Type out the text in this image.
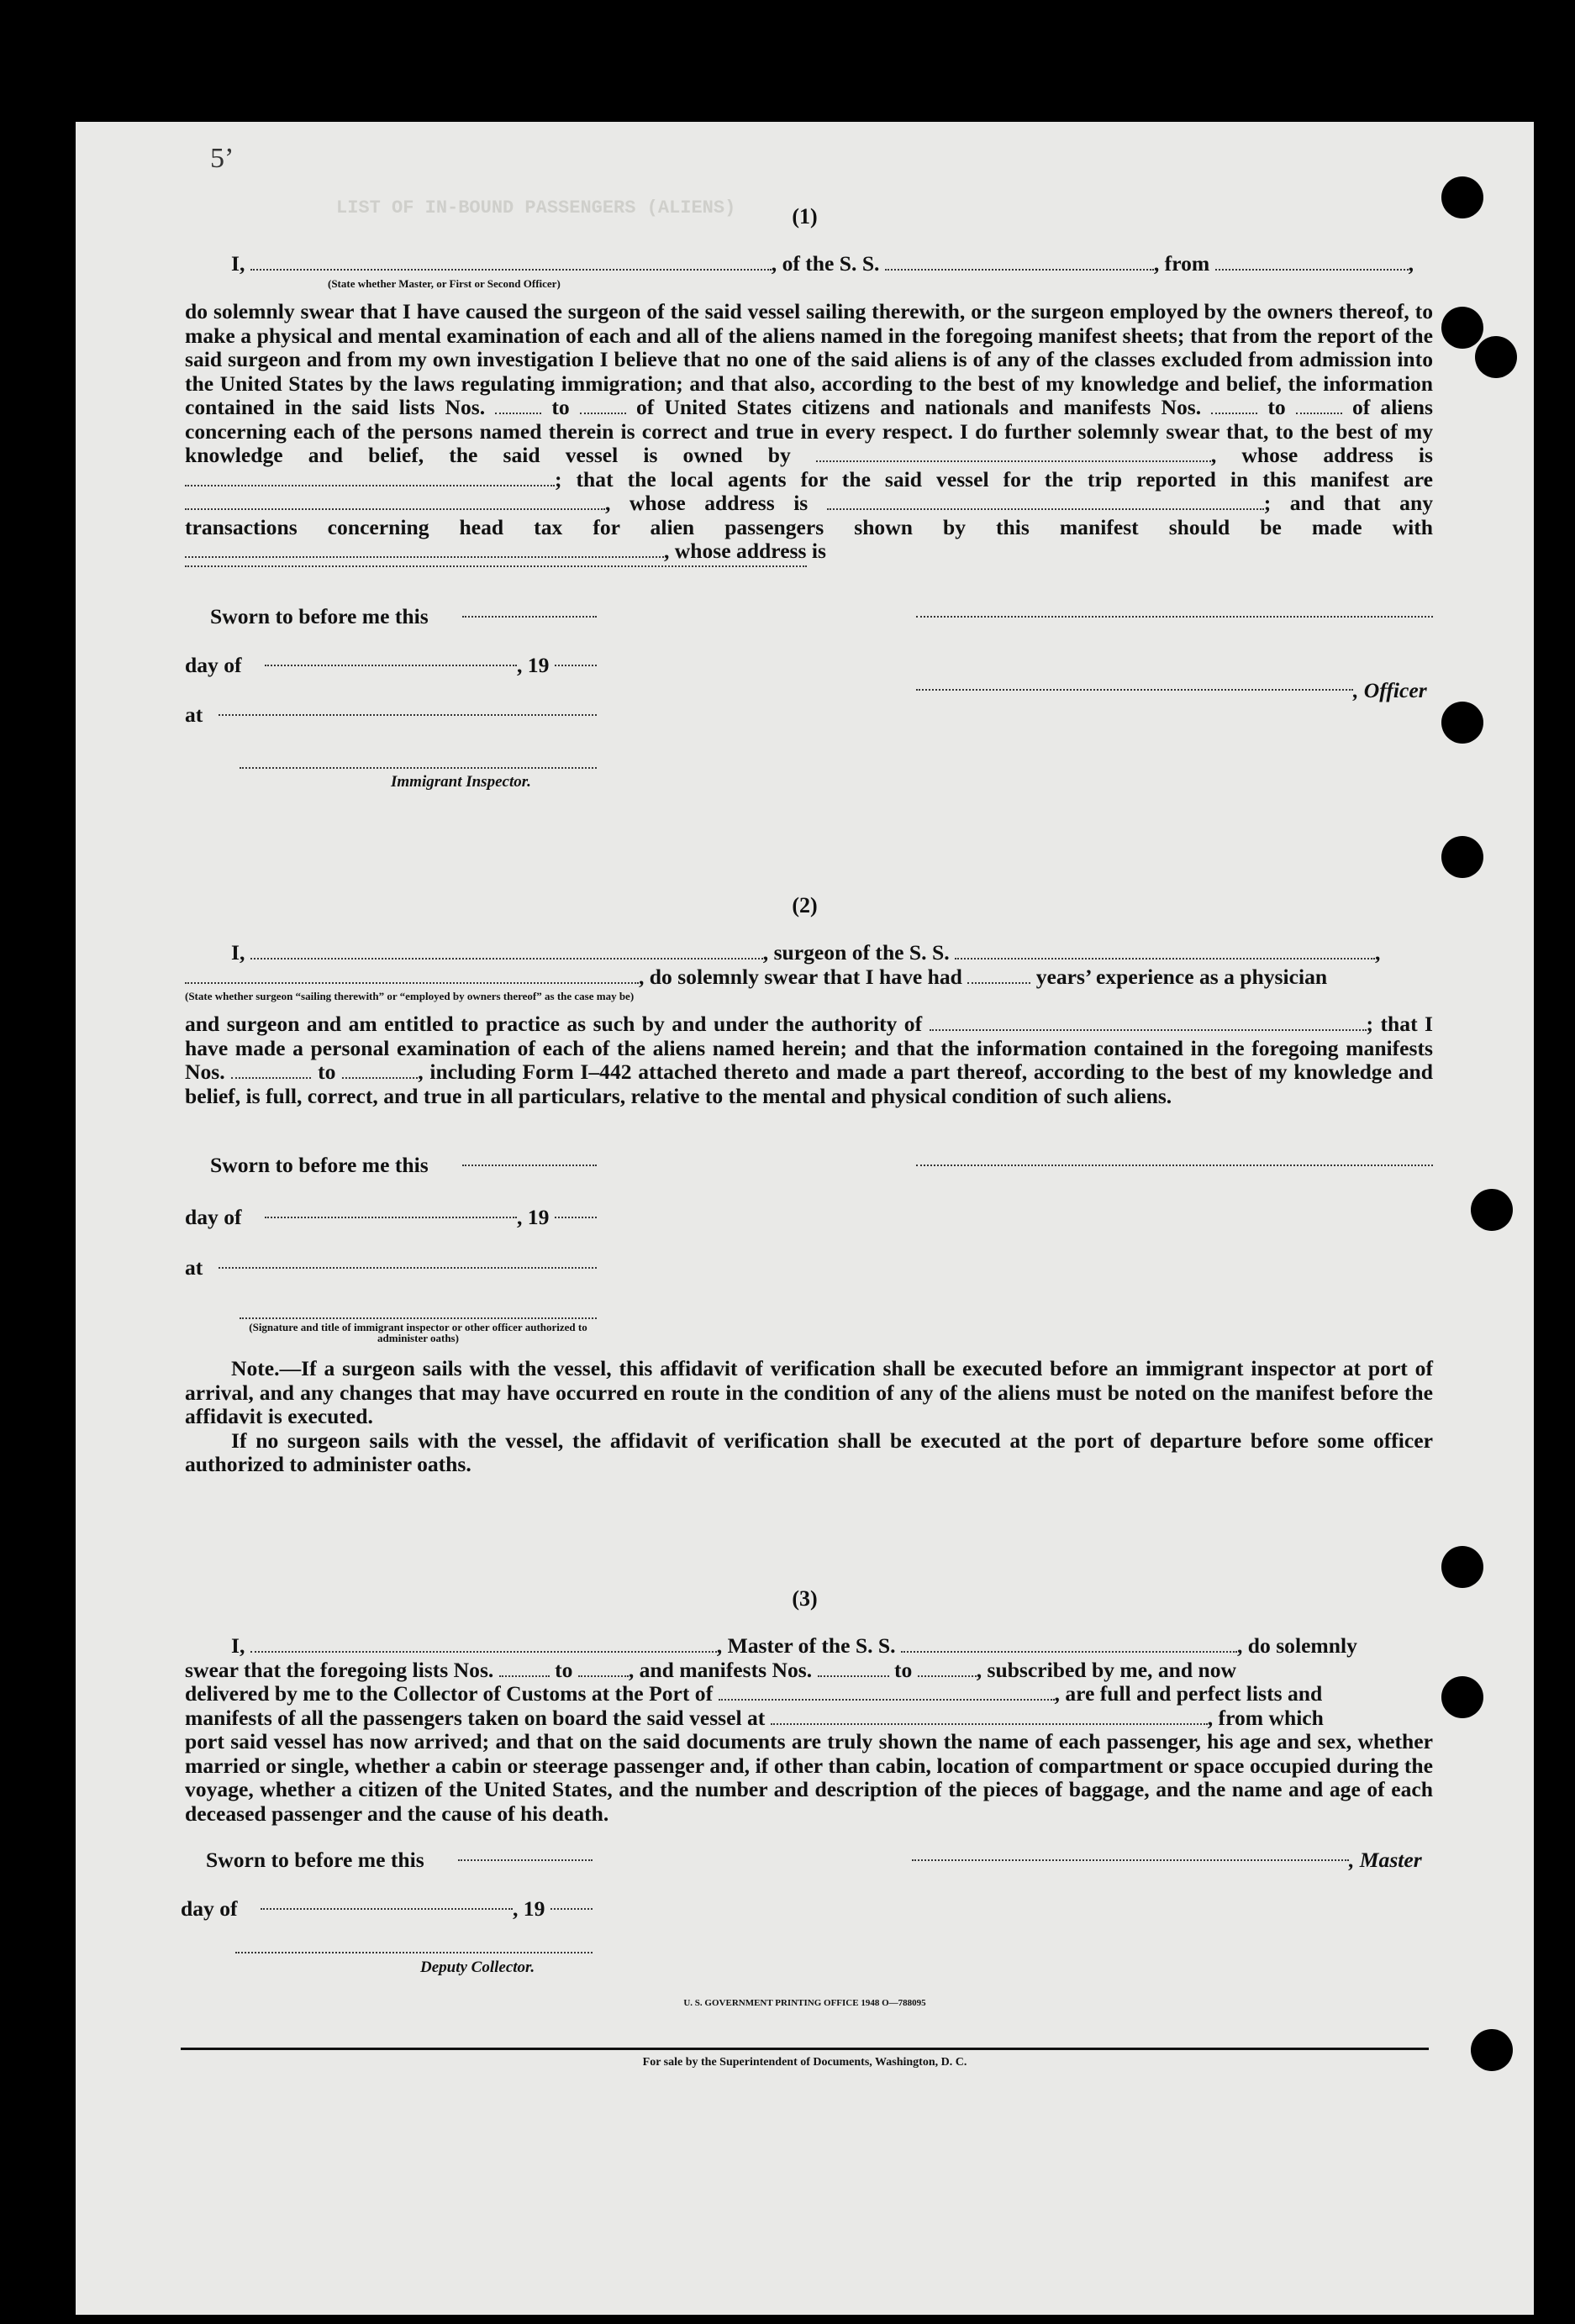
5’
LIST OF IN-BOUND PASSENGERS (ALIENS)	(1)
I,	, of the S. S.	, from	,
(State whether Master, or First or Second Officer)
do solemnly swear that I have caused the surgeon of the said vessel sailing therewith, or the surgeon employed by the owners thereof, to make a physical and mental examination of each and all of the aliens named in the foregoing manifest sheets; that from the report of the said surgeon and from my own investigation I believe that no one of the said aliens is of any of the classes excluded from admission into the United States by the laws regulating immigration; and that also, according to the best of my knowledge and belief, the information contained in the said lists Nos.	to	of United States citizens and nationals and manifests Nos.	to	of aliens concerning each of the persons named therein is correct and true in every respect. I do further solemnly swear that, to the best of my knowledge and belief, the said vessel is owned by	, whose address is ; that the local agents for the said vessel for the trip reported in this manifest are , whose address is	; and that any transactions concerning head tax for alien passengers shown by this manifest should be made with , whose address is
Sworn to before me this
day of	, 19
, Officer
at
Immigrant Inspector.
(2)
I,	, surgeon of the S. S.	,
, do solemnly swear that I have had	years’ experience as a physician
(State whether surgeon “sailing therewith” or “employed by owners thereof” as the case may be)
and surgeon and am entitled to practice as such by and under the authority of	; that I have made a personal examination of each of the aliens named herein; and that the information contained in the foregoing manifests Nos.	to	, including Form I–442 attached thereto and made a part thereof, according to the best of my knowledge and belief, is full, correct, and true in all particulars, relative to the mental and physical condition of such aliens.
Sworn to before me this
day of	, 19
at
(Signature and title of immigrant inspector or other officer authorized to administer oaths)
Note.—If a surgeon sails with the vessel, this affidavit of verification shall be executed before an immigrant inspector at port of arrival, and any changes that may have occurred en route in the condition of any of the aliens must be noted on the manifest before the affidavit is executed.
If no surgeon sails with the vessel, the affidavit of verification shall be executed at the port of departure before some officer authorized to administer oaths.
(3)
I,	, Master of the S. S.	, do solemnly
swear that the foregoing lists Nos.	to	, and manifests Nos.	to	, subscribed by me, and now
delivered by me to the Collector of Customs at the Port of	, are full and perfect lists and
manifests of all the passengers taken on board the said vessel at	, from which
port said vessel has now arrived; and that on the said documents are truly shown the name of each passenger, his age and sex, whether married or single, whether a cabin or steerage passenger and, if other than cabin, location of compartment or space occupied during the voyage, whether a citizen of the United States, and the number and description of the pieces of baggage, and the name and age of each deceased passenger and the cause of his death.
Sworn to before me this	, Master
day of	, 19
Deputy Collector.
U. S. GOVERNMENT PRINTING OFFICE 1948 O—788095
For sale by the Superintendent of Documents, Washington, D. C.
